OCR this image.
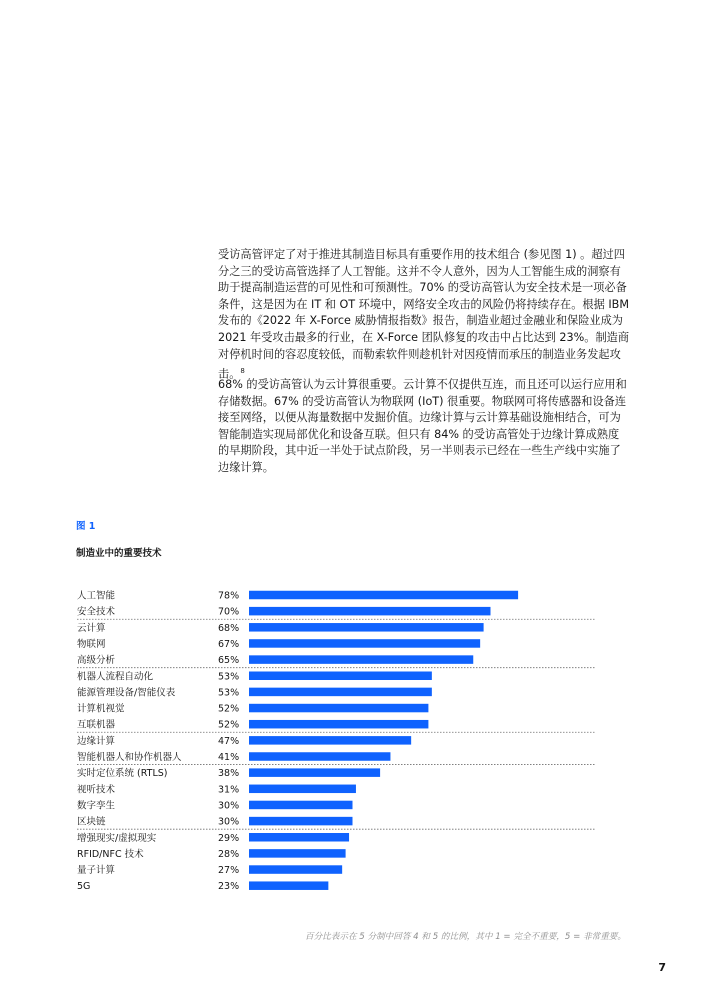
受访高管评定了对于推进其制造目标具有重要作用的技术组合 (参见图 1) 。超过四分之三的受访高管选择了人工智能。这并不令人意外，因为人工智能生成的洞察有助于提高制造运营的可见性和可预测性。70% 的受访高管认为安全技术是一项必备条件，这是因为在 IT 和 OT 环境中，网络安全攻击的风险仍将持续存在。根据 IBM 发布的《2022 年 X-Force 威胁情报指数》报告，制造业超过金融业和保险业成为 2021 年受攻击最多的行业，在 X-Force 团队修复的攻击中占比达到 23%。制造商对停机时间的容忍度较低，而勒索软件则趁机针对因疫情而承压的制造业务发起攻击。$^8$

68% 的受访高管认为云计算很重要。云计算不仅提供互连，而且还可以运行应用和存储数据。67% 的受访高管认为物联网 (IoT) 很重要。物联网可将传感器和设备连接至网络，以便从海量数据中发掘价值。边缘计算与云计算基础设施相结合，可为智能制造实现局部优化和设备互联。但只有 84% 的受访高管处于边缘计算成熟度的早期阶段，其中近一半处于试点阶段，另一半则表示已经在一些生产线中实施了边缘计算。

图 1
制造业中的重要技术
人工智能	78%
安全技术	70%
云计算	68%
物联网	67%
高级分析	65%
机器人流程自动化	53%
能源管理设备/智能仪表	53%
计算机视觉	52%
互联机器	52%
边缘计算	47%
智能机器人和协作机器人	41%
实时定位系统 (RTLS)	38%
视听技术	31%
数字孪生	30%
区块链	30%
增强现实/虚拟现实	29%
RFID/NFC 技术	28%
量子计算	27%
5G	23%
百分比表示在 5 分制中回答 4 和 5 的比例，其中 1 = 完全不重要，5 = 非常重要。
7
